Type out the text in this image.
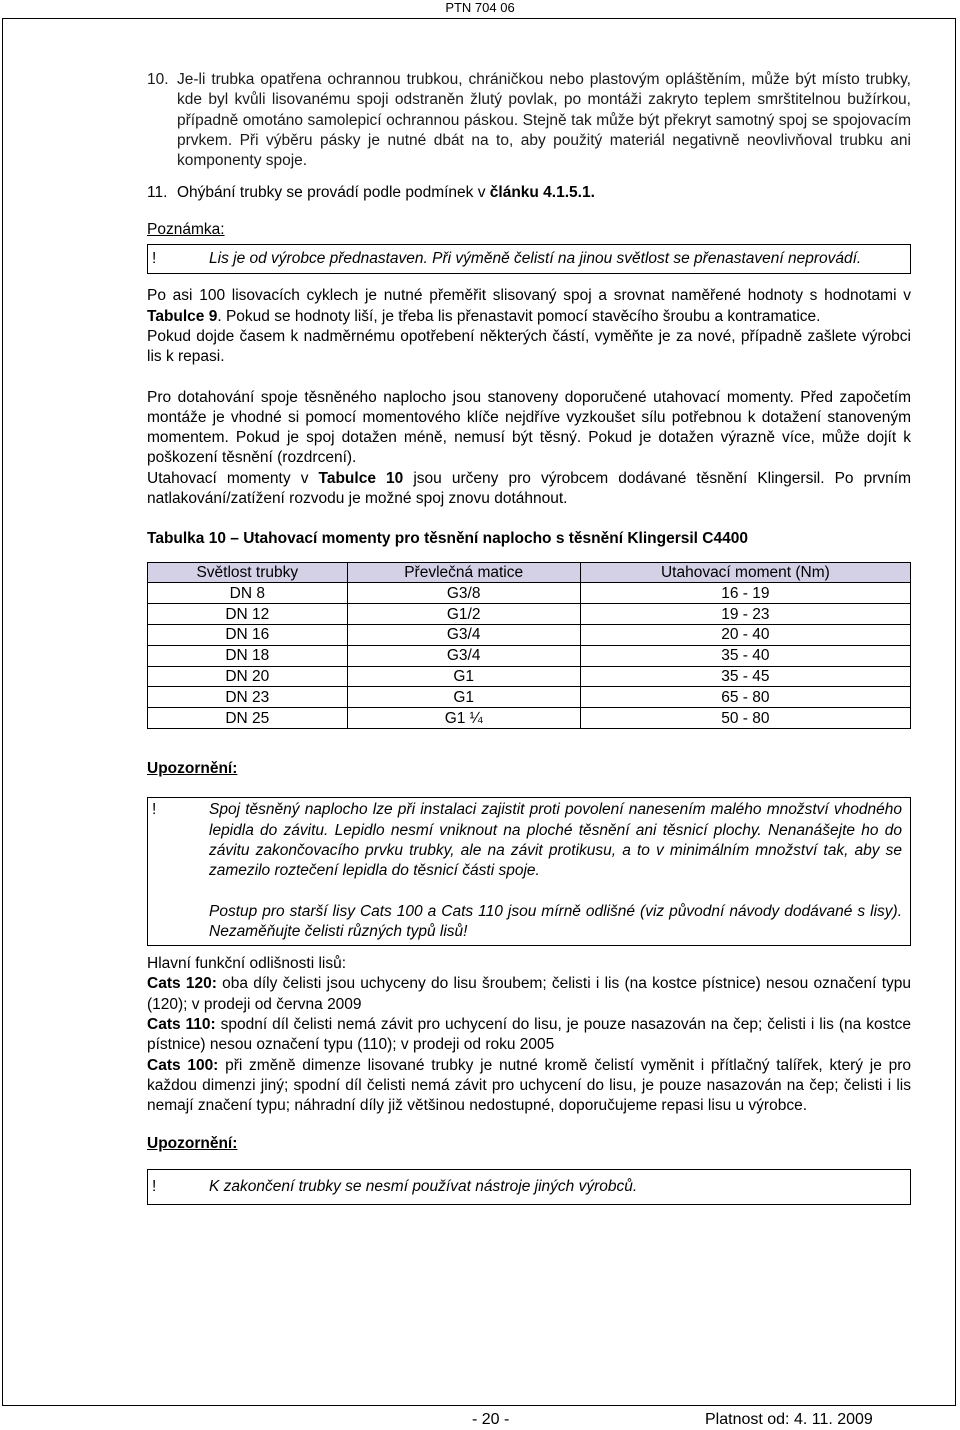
PTN 704 06
10. Je-li trubka opatřena ochrannou trubkou, chráničkou nebo plastovým opláštěním, může být místo trubky, kde byl kvůli lisovanému spoji odstraněn žlutý povlak, po montáži zakryto teplem smrštitelnou bužírkou, případně omotáno samolepicí ochrannou páskou. Stejně tak může být překryt samotný spoj se spojovacím prvkem. Při výběru pásky je nutné dbát na to, aby použitý materiál negativně neovlivňoval trubku ani komponenty spoje.
11. Ohýbání trubky se provádí podle podmínek v článku 4.1.5.1.

Poznámka:

!	Lis je od výrobce přednastaven. Při výměně čelistí na jinou světlost se přenastavení neprovádí.

Po asi 100 lisovacích cyklech je nutné přeměřit slisovaný spoj a srovnat naměřené hodnoty s hodnotami v Tabulce 9. Pokud se hodnoty liší, je třeba lis přenastavit pomocí stavěcího šroubu a kontramatice.

Pokud dojde časem k nadměrnému opotřebení některých částí, vyměňte je za nové, případně zašlete výrobci lis k repasi.

Pro dotahování spoje těsněného naplocho jsou stanoveny doporučené utahovací momenty. Před započetím montáže je vhodné si pomocí momentového klíče nejdříve vyzkoušet sílu potřebnou k dotažení stanoveným momentem. Pokud je spoj dotažen méně, nemusí být těsný. Pokud je dotažen výrazně více, může dojít k poškození těsnění (rozdrcení).

Utahovací momenty v Tabulce 10 jsou určeny pro výrobcem dodávané těsnění Klingersil. Po prvním natlakování/zatížení rozvodu je možné spoj znovu dotáhnout.

Tabulka 10 – Utahovací momenty pro těsnění naplocho s těsnění Klingersil C4400

Světlost trubky	Převlečná matice	Utahovací moment (Nm)
DN 8	G3/8	16 - 19
DN 12	G1/2	19 - 23
DN 16	G3/4	20 - 40
DN 18	G3/4	35 - 40
DN 20	G1	35 - 45
DN 23	G1	65 - 80
DN 25	G1 ¼	50 - 80

Upozornění:

!	Spoj těsněný naplocho lze při instalaci zajistit proti povolení nanesením malého množství vhodného lepidla do závitu. Lepidlo nesmí vniknout na ploché těsnění ani těsnicí plochy. Nenanášejte ho do závitu zakončovacího prvku trubky, ale na závit protikusu, a to v minimálním množství tak, aby se zamezilo roztečení lepidla do těsnicí části spoje.
Postup pro starší lisy Cats 100 a Cats 110 jsou mírně odlišné (viz původní návody dodávané s lisy). Nezaměňujte čelisti různých typů lisů!

Hlavní funkční odlišnosti lisů:

Cats 120: oba díly čelisti jsou uchyceny do lisu šroubem; čelisti i lis (na kostce pístnice) nesou označení typu (120); v prodeji od června 2009

Cats 110: spodní díl čelisti nemá závit pro uchycení do lisu, je pouze nasazován na čep; čelisti i lis (na kostce pístnice) nesou označení typu (110); v prodeji od roku 2005

Cats 100: při změně dimenze lisované trubky je nutné kromě čelistí vyměnit i přítlačný talířek, který je pro každou dimenzi jiný; spodní díl čelisti nemá závit pro uchycení do lisu, je pouze nasazován na čep; čelisti i lis nemají značení typu; náhradní díly již většinou nedostupné, doporučujeme repasi lisu u výrobce.

Upozornění:

!	K zakončení trubky se nesmí používat nástroje jiných výrobců.
- 20 -	Platnost od: 4. 11. 2009
